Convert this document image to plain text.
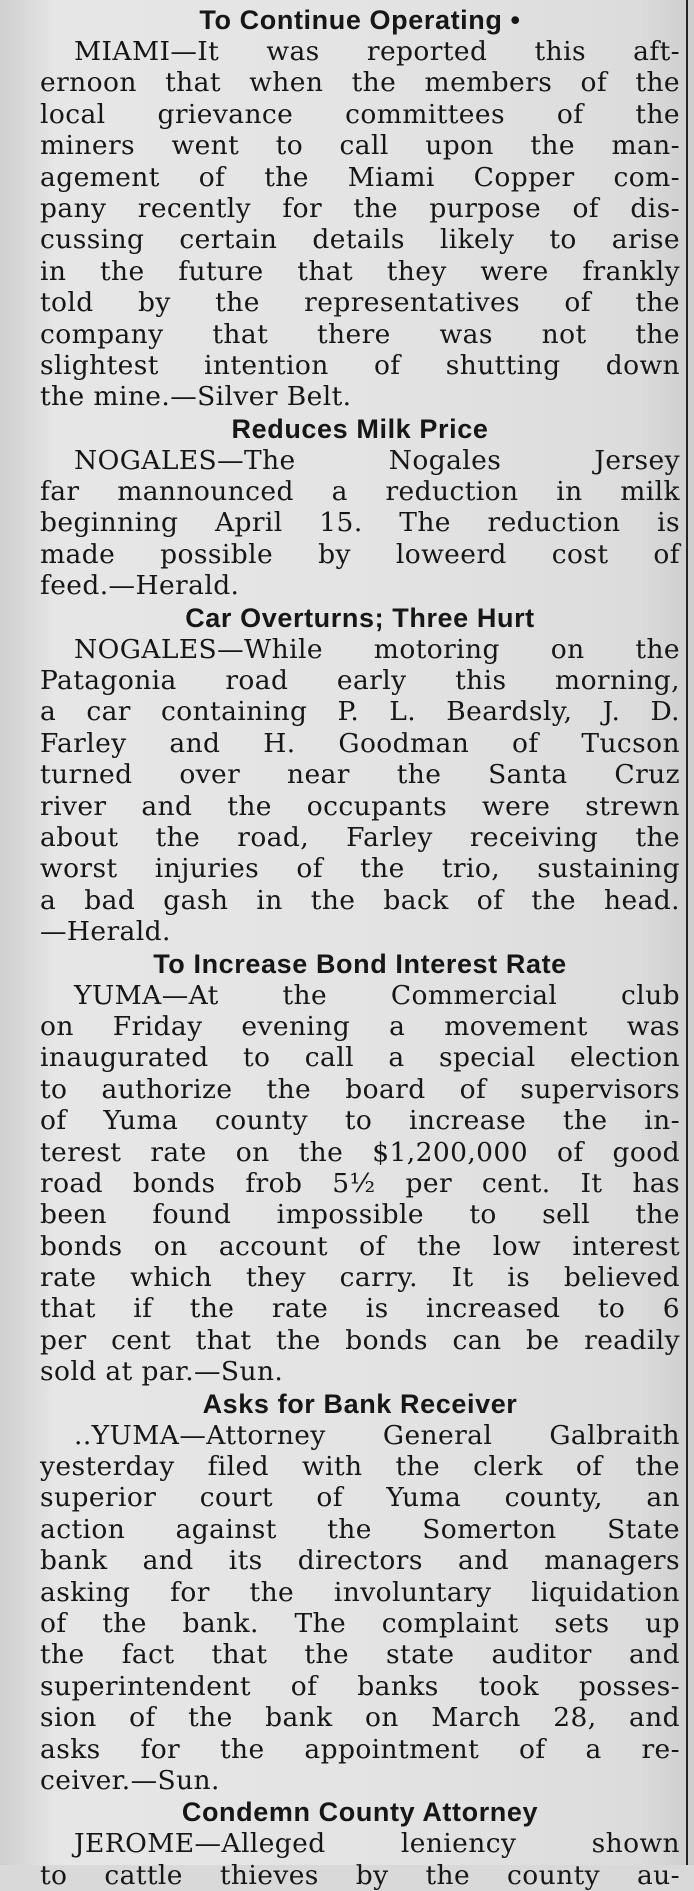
To Continue Operating •
MIAMI—It was reported this aft-
ernoon that when the members of the
local grievance committees of the
miners went to call upon the man-
agement of the Miami Copper com-
pany recently for the purpose of dis-
cussing certain details likely to arise
in the future that they were frankly
told by the representatives of the
company that there was not the
slightest intention of shutting down
the mine.—Silver Belt.
Reduces Milk Price
NOGALES—The Nogales Jersey
far mannounced a reduction in milk
beginning April 15. The reduction is
made possible by loweerd cost of
feed.—Herald.
Car Overturns; Three Hurt
NOGALES—While motoring on the
Patagonia road early this morning,
a car containing P. L. Beardsly, J. D.
Farley and H. Goodman of Tucson
turned over near the Santa Cruz
river and the occupants were strewn
about the road, Farley receiving the
worst injuries of the trio, sustaining
a bad gash in the back of the head.
—Herald.
To Increase Bond Interest Rate
YUMA—At the Commercial club
on Friday evening a movement was
inaugurated to call a special election
to authorize the board of supervisors
of Yuma county to increase the in-
terest rate on the $1,200,000 of good
road bonds frob 5½ per cent. It has
been found impossible to sell the
bonds on account of the low interest
rate which they carry. It is believed
that if the rate is increased to 6
per cent that the bonds can be readily
sold at par.—Sun.
Asks for Bank Receiver
..YUMA—Attorney General Galbraith
yesterday filed with the clerk of the
superior court of Yuma county, an
action against the Somerton State
bank and its directors and managers
asking for the involuntary liquidation
of the bank. The complaint sets up
the fact that the state auditor and
superintendent of banks took posses-
sion of the bank on March 28, and
asks for the appointment of a re-
ceiver.—Sun.
Condemn County Attorney
JEROME—Alleged leniency shown
to cattle thieves by the county au-
